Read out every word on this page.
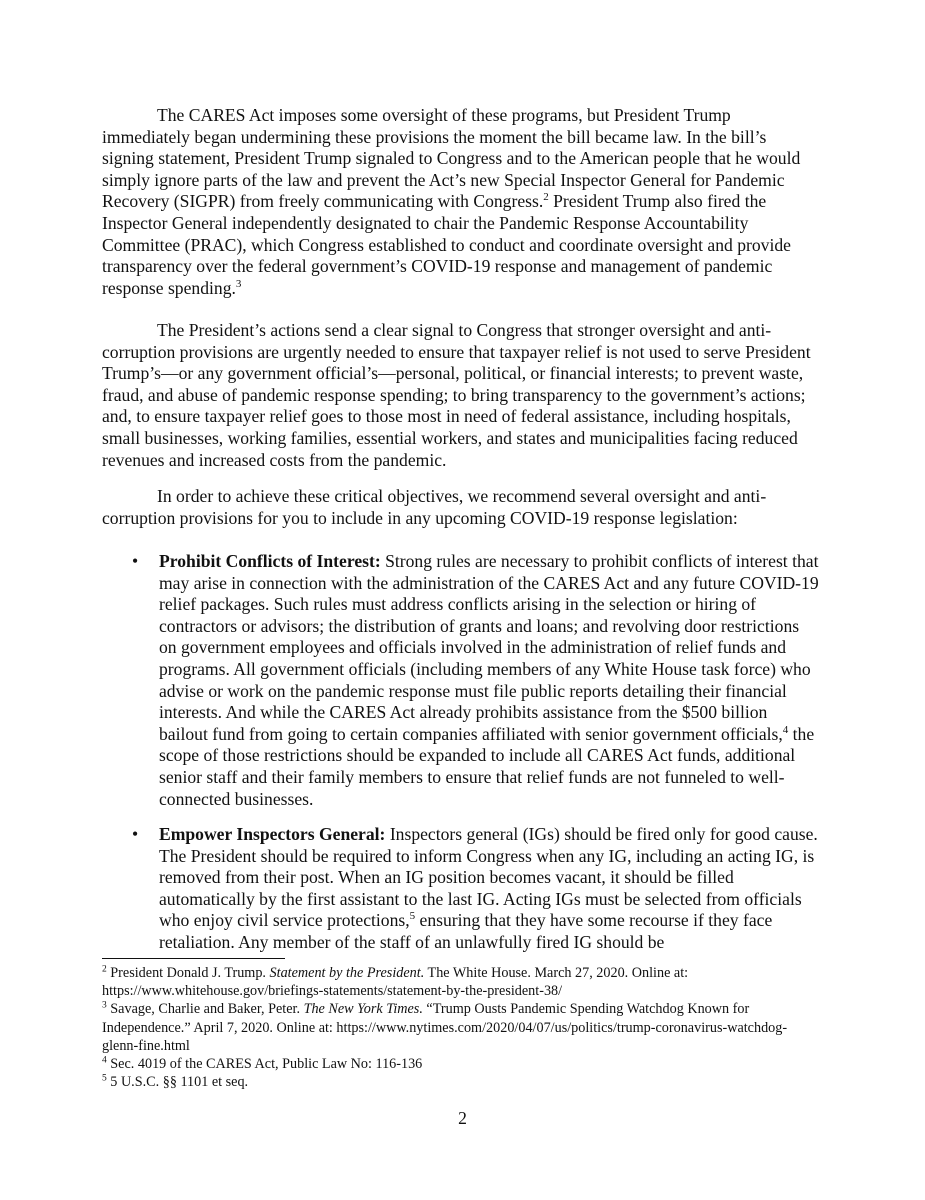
The CARES Act imposes some oversight of these programs, but President Trump immediately began undermining these provisions the moment the bill became law. In the bill’s signing statement, President Trump signaled to Congress and to the American people that he would simply ignore parts of the law and prevent the Act’s new Special Inspector General for Pandemic Recovery (SIGPR) from freely communicating with Congress.$^2$ President Trump also fired the Inspector General independently designated to chair the Pandemic Response Accountability Committee (PRAC), which Congress established to conduct and coordinate oversight and provide transparency over the federal government’s COVID-19 response and management of pandemic response spending.$^3$

The President’s actions send a clear signal to Congress that stronger oversight and anti-corruption provisions are urgently needed to ensure that taxpayer relief is not used to serve President Trump’s—or any government official’s—personal, political, or financial interests; to prevent waste, fraud, and abuse of pandemic response spending; to bring transparency to the government’s actions; and, to ensure taxpayer relief goes to those most in need of federal assistance, including hospitals, small businesses, working families, essential workers, and states and municipalities facing reduced revenues and increased costs from the pandemic.

In order to achieve these critical objectives, we recommend several oversight and anti-corruption provisions for you to include in any upcoming COVID-19 response legislation:

•	Prohibit Conflicts of Interest: Strong rules are necessary to prohibit conflicts of interest that may arise in connection with the administration of the CARES Act and any future COVID-19 relief packages. Such rules must address conflicts arising in the selection or hiring of contractors or advisors; the distribution of grants and loans; and revolving door restrictions on government employees and officials involved in the administration of relief funds and programs. All government officials (including members of any White House task force) who advise or work on the pandemic response must file public reports detailing their financial interests. And while the CARES Act already prohibits assistance from the $500 billion bailout fund from going to certain companies affiliated with senior government officials,$^4$ the scope of those restrictions should be expanded to include all CARES Act funds, additional senior staff and their family members to ensure that relief funds are not funneled to well-connected businesses.
•	Empower Inspectors General: Inspectors general (IGs) should be fired only for good cause. The President should be required to inform Congress when any IG, including an acting IG, is removed from their post. When an IG position becomes vacant, it should be filled automatically by the first assistant to the last IG. Acting IGs must be selected from officials who enjoy civil service protections,$^5$ ensuring that they have some recourse if they face retaliation. Any member of the staff of an unlawfully fired IG should be

$^2$ President Donald J. Trump. Statement by the President. The White House. March 27, 2020. Online at: https://www.whitehouse.gov/briefings-statements/statement-by-the-president-38/

$^3$ Savage, Charlie and Baker, Peter. The New York Times. “Trump Ousts Pandemic Spending Watchdog Known for Independence.” April 7, 2020. Online at: https://www.nytimes.com/2020/04/07/us/politics/trump-coronavirus-watchdog-glenn-fine.html

$^4$ Sec. 4019 of the CARES Act, Public Law No: 116-136

$^5$ 5 U.S.C. §§ 1101 et seq.

2
